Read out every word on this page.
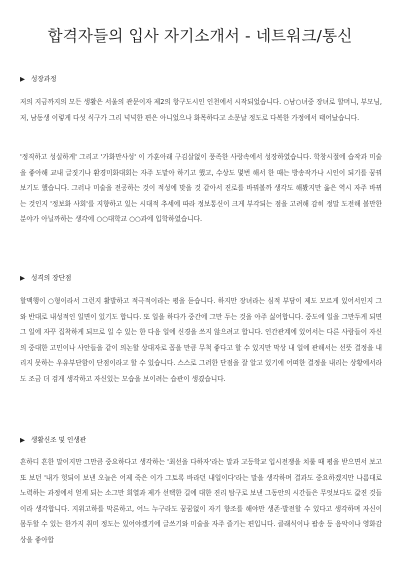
합격자들의 입사 자기소개서 - 네트워크/통신
▶ 성장과정

저의 지금까지의 모든 생활은 서울의 관문이자 제2의 항구도시인 인천에서 시작되었습니다. ○남○녀중 장녀로 할머니, 부모님, 저, 남동생 이렇게 다섯 식구가 그리 넉넉한 편은 아니었으나 화목하다고 소문날 정도로 다복한 가정에서 태어났습니다.

'정직하고 성실하게' 그리고 '가화만사성' 이 가훈아래 구김살없이 풍족한 사랑속에서 성장하였습니다. 학창시절에 습작과 미술을 좋아해 교내 글짓기나 환경미화대회는 자주 도맡아 하기고 했고, 수상도 몇번 해서 한 때는 방송작가나 시인이 되기를 꿈꿔보기도 했습니다. 그러나 미술을 전공하는 것이 적성에 맞을 것 같아서 진로를 바꿔볼까 생각도 해봤지만 옳은 역시 자주 바뀌는 것인지 '정보화 사회'를 지향하고 있는 시대적 추세에 따라 정보통신이 크게 부각되는 점을 고려해 감히 정말 도전해 볼만한 분야가 아닐까하는 생각에 ○○대학교 ○○과에 입학하였습니다.

▶ 성격의 장단점

할맥행이 ○형이라서 그런지 활발하고 적극적이라는 평을 듣습니다. 하지만 장녀라는 심적 부담이 제도 모르게 있어서인지 그와 반대로 내성적인 일면이 있기도 합니다. 또 일을 하다가 중간에 그만 두는 것을 아주 싫어합니다. 중도에 일을 그만두게 되면 그 일에 자꾸 집착하게 되므로 일 수 있는 한 다음 일에 신경을 쓰지 않으려고 합니다. 인간관계에 있어서는 다른 사람들이 자신의 중대한 고민이나 사안들을 같이 의논할 상대자로 꼽을 만큼 무척 좋다고 할 수 있지만 막상 내 일에 관해서는 선뜻 결정을 내리지 못하는 우유부단함이 단점이라고 할 수 있습니다. 스스로 그러한 단점을 잘 알고 있기에 어떠한 결정을 내리는 상황에서라도 조금 더 검게 생각하고 자신있는 모습을 보이려는 습관이 생겼습니다.

▶ 생활신조 및 인생관

흔하디 흔한 말이지만 그만큼 중요하다고 생각하는 '최선을 다하자'라는 말과 고등학교 입시전쟁을 치룰 때 평을 받으면서 보고 또 보던 '내가 헛되이 보낸 오늘은 어제 죽은 이가 그토록 바라던 내일이다'라는 말을 생각하며 결과도 중요하겠지만 나름대로 노력하는 과정에서 얻게 되는 소그만 희열과 제가 선택한 길에 대한 진리 탐구로 보낸 그동안의 시간들은 무엇보다도 값진 것들이라 생각합니다. 지위고하를 막론하고, 어느 누구라도 꿈꿈없이 자기 향조를 해야만 생존·발전할 수 있다고 생각하며 자신이 몸두할 수 있는 한가지 취미 정도는 있어야겠기에 글쓰기와 미술을 자주 즐기는 편입니다. 클래식이나 팝송 등 음악이나 영화감상을 좋아합
